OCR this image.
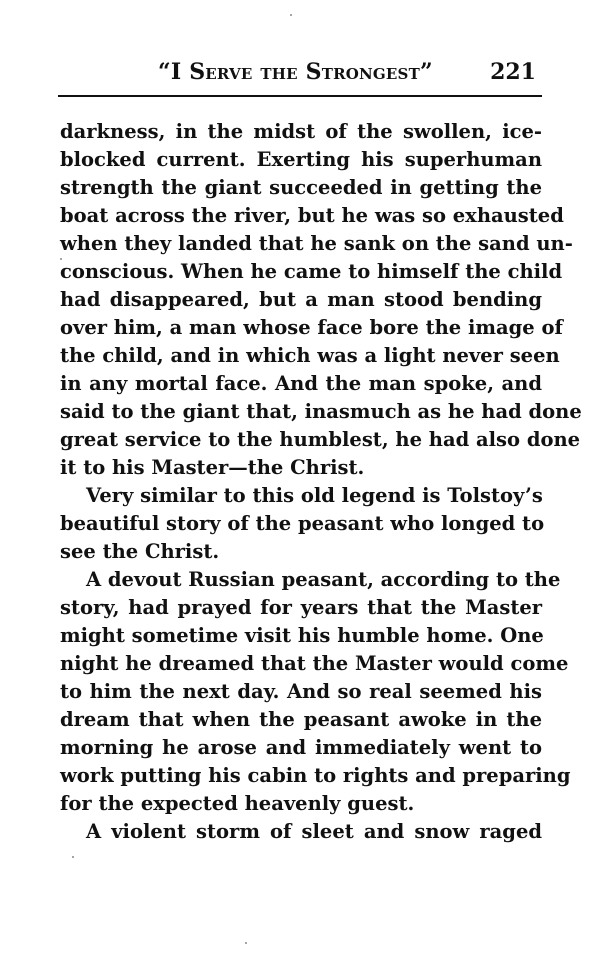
“I Serve the Strongest”	221
darkness, in the midst of the swollen, ice-
blocked current. Exerting his superhuman
strength the giant succeeded in getting the
boat across the river, but he was so exhausted
when they landed that he sank on the sand un-
conscious. When he came to himself the child
had disappeared, but a man stood bending
over him, a man whose face bore the image of
the child, and in which was a light never seen
in any mortal face. And the man spoke, and
said to the giant that, inasmuch as he had done
great service to the humblest, he had also done
it to his Master—the Christ.
Very similar to this old legend is Tolstoy’s
beautiful story of the peasant who longed to
see the Christ.
A devout Russian peasant, according to the
story, had prayed for years that the Master
might sometime visit his humble home. One
night he dreamed that the Master would come
to him the next day. And so real seemed his
dream that when the peasant awoke in the
morning he arose and immediately went to
work putting his cabin to rights and preparing
for the expected heavenly guest.
A violent storm of sleet and snow raged
